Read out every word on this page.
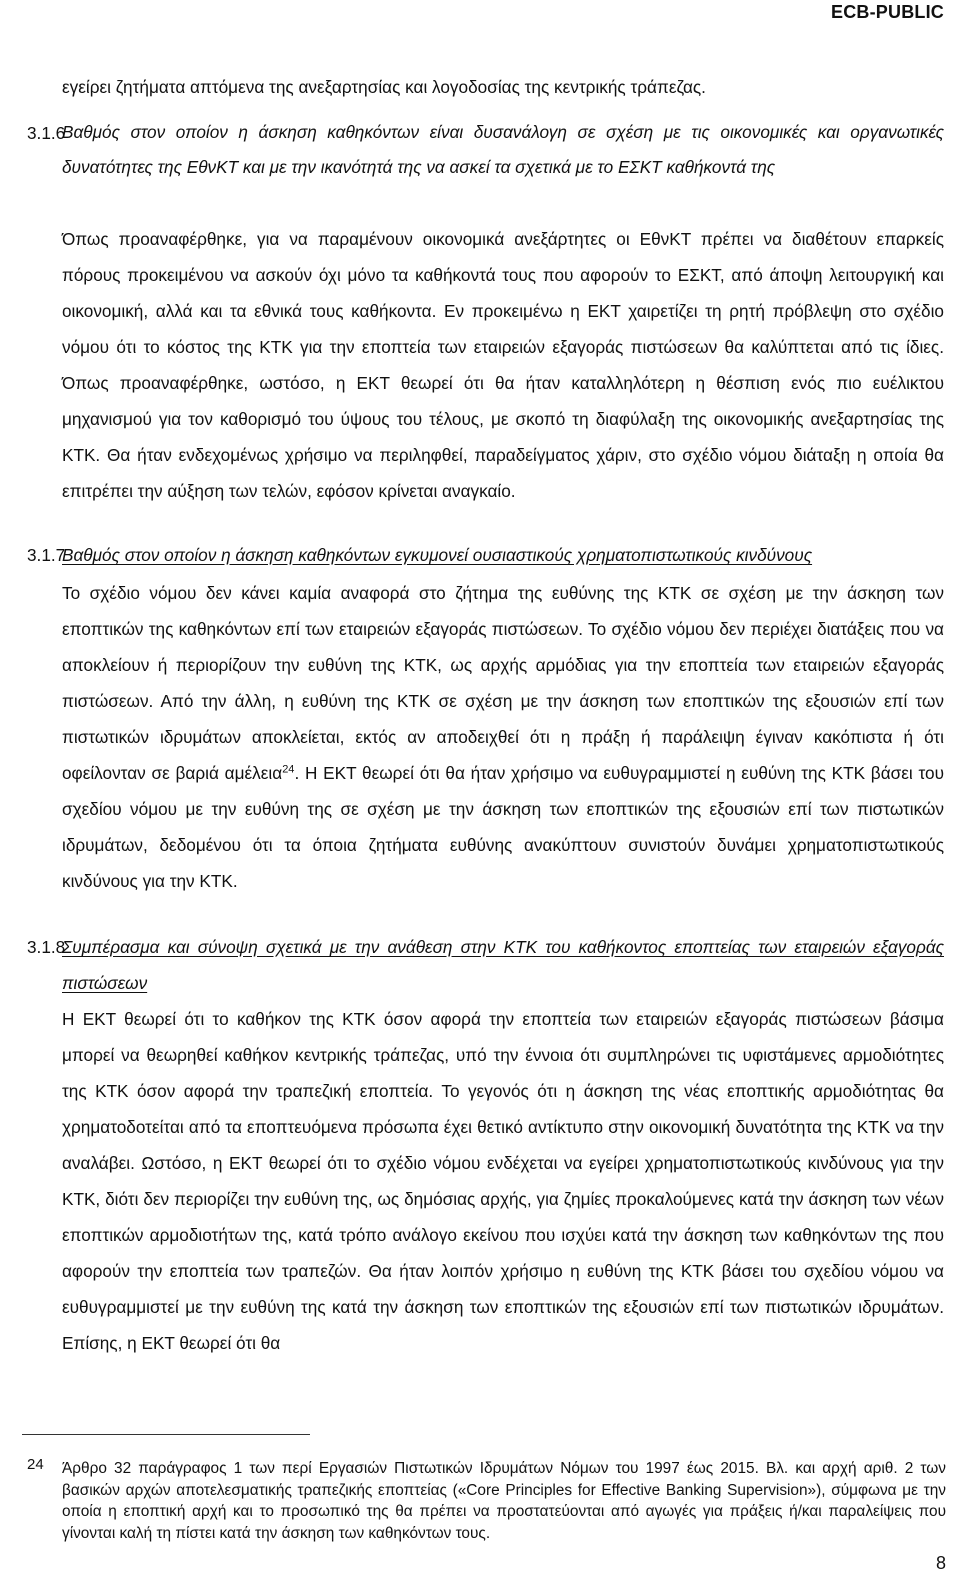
ECB-PUBLIC
εγείρει ζητήματα απτόμενα της ανεξαρτησίας και λογοδοσίας της κεντρικής τράπεζας.
3.1.6
Βαθμός στον οποίον η άσκηση καθηκόντων είναι δυσανάλογη σε σχέση με τις οικονομικές και οργανωτικές δυνατότητες της ΕθνΚΤ και με την ικανότητά της να ασκεί τα σχετικά με το ΕΣΚΤ καθήκοντά της
Όπως προαναφέρθηκε, για να παραμένουν οικονομικά ανεξάρτητες οι ΕθνΚΤ πρέπει να διαθέτουν επαρκείς πόρους προκειμένου να ασκούν όχι μόνο τα καθήκοντά τους που αφορούν το ΕΣΚΤ, από άποψη λειτουργική και οικονομική, αλλά και τα εθνικά τους καθήκοντα. Εν προκειμένω η ΕΚΤ χαιρετίζει τη ρητή πρόβλεψη στο σχέδιο νόμου ότι το κόστος της ΚΤΚ για την εποπτεία των εταιρειών εξαγοράς πιστώσεων θα καλύπτεται από τις ίδιες. Όπως προαναφέρθηκε, ωστόσο, η ΕΚΤ θεωρεί ότι θα ήταν καταλληλότερη η θέσπιση ενός πιο ευέλικτου μηχανισμού για τον καθορισμό του ύψους του τέλους, με σκοπό τη διαφύλαξη της οικονομικής ανεξαρτησίας της ΚΤΚ. Θα ήταν ενδεχομένως χρήσιμο να περιληφθεί, παραδείγματος χάριν, στο σχέδιο νόμου διάταξη η οποία θα επιτρέπει την αύξηση των τελών, εφόσον κρίνεται αναγκαίο.
3.1.7
Βαθμός στον οποίον η άσκηση καθηκόντων εγκυμονεί ουσιαστικούς χρηματοπιστωτικούς κινδύνους
Το σχέδιο νόμου δεν κάνει καμία αναφορά στο ζήτημα της ευθύνης της ΚΤΚ σε σχέση με την άσκηση των εποπτικών της καθηκόντων επί των εταιρειών εξαγοράς πιστώσεων. Το σχέδιο νόμου δεν περιέχει διατάξεις που να αποκλείουν ή περιορίζουν την ευθύνη της ΚΤΚ, ως αρχής αρμόδιας για την εποπτεία των εταιρειών εξαγοράς πιστώσεων. Από την άλλη, η ευθύνη της ΚΤΚ σε σχέση με την άσκηση των εποπτικών της εξουσιών επί των πιστωτικών ιδρυμάτων αποκλείεται, εκτός αν αποδειχθεί ότι η πράξη ή παράλειψη έγιναν κακόπιστα ή ότι οφείλονταν σε βαριά αμέλεια$^{24}$. Η ΕΚΤ θεωρεί ότι θα ήταν χρήσιμο να ευθυγραμμιστεί η ευθύνη της ΚΤΚ βάσει του σχεδίου νόμου με την ευθύνη της σε σχέση με την άσκηση των εποπτικών της εξουσιών επί των πιστωτικών ιδρυμάτων, δεδομένου ότι τα όποια ζητήματα ευθύνης ανακύπτουν συνιστούν δυνάμει χρηματοπιστωτικούς κινδύνους για την ΚΤΚ.
3.1.8
Συμπέρασμα και σύνοψη σχετικά με την ανάθεση στην ΚΤΚ του καθήκοντος εποπτείας των εταιρειών εξαγοράς πιστώσεων
Η ΕΚΤ θεωρεί ότι το καθήκον της ΚΤΚ όσον αφορά την εποπτεία των εταιρειών εξαγοράς πιστώσεων βάσιμα μπορεί να θεωρηθεί καθήκον κεντρικής τράπεζας, υπό την έννοια ότι συμπληρώνει τις υφιστάμενες αρμοδιότητες της ΚΤΚ όσον αφορά την τραπεζική εποπτεία. Το γεγονός ότι η άσκηση της νέας εποπτικής αρμοδιότητας θα χρηματοδοτείται από τα εποπτευόμενα πρόσωπα έχει θετικό αντίκτυπο στην οικονομική δυνατότητα της ΚΤΚ να την αναλάβει. Ωστόσο, η ΕΚΤ θεωρεί ότι το σχέδιο νόμου ενδέχεται να εγείρει χρηματοπιστωτικούς κινδύνους για την ΚΤΚ, διότι δεν περιορίζει την ευθύνη της, ως δημόσιας αρχής, για ζημίες προκαλούμενες κατά την άσκηση των νέων εποπτικών αρμοδιοτήτων της, κατά τρόπο ανάλογο εκείνου που ισχύει κατά την άσκηση των καθηκόντων της που αφορούν την εποπτεία των τραπεζών. Θα ήταν λοιπόν χρήσιμο η ευθύνη της ΚΤΚ βάσει του σχεδίου νόμου να ευθυγραμμιστεί με την ευθύνη της κατά την άσκηση των εποπτικών της εξουσιών επί των πιστωτικών ιδρυμάτων. Επίσης, η ΕΚΤ θεωρεί ότι θα
24 Άρθρο 32 παράγραφος 1 των περί Εργασιών Πιστωτικών Ιδρυμάτων Νόμων του 1997 έως 2015. Βλ. και αρχή αριθ. 2 των βασικών αρχών αποτελεσματικής τραπεζικής εποπτείας («Core Principles for Effective Banking Supervision»), σύμφωνα με την οποία η εποπτική αρχή και το προσωπικό της θα πρέπει να προστατεύονται από αγωγές για πράξεις ή/και παραλείψεις που γίνονται καλή τη πίστει κατά την άσκηση των καθηκόντων τους.
8
